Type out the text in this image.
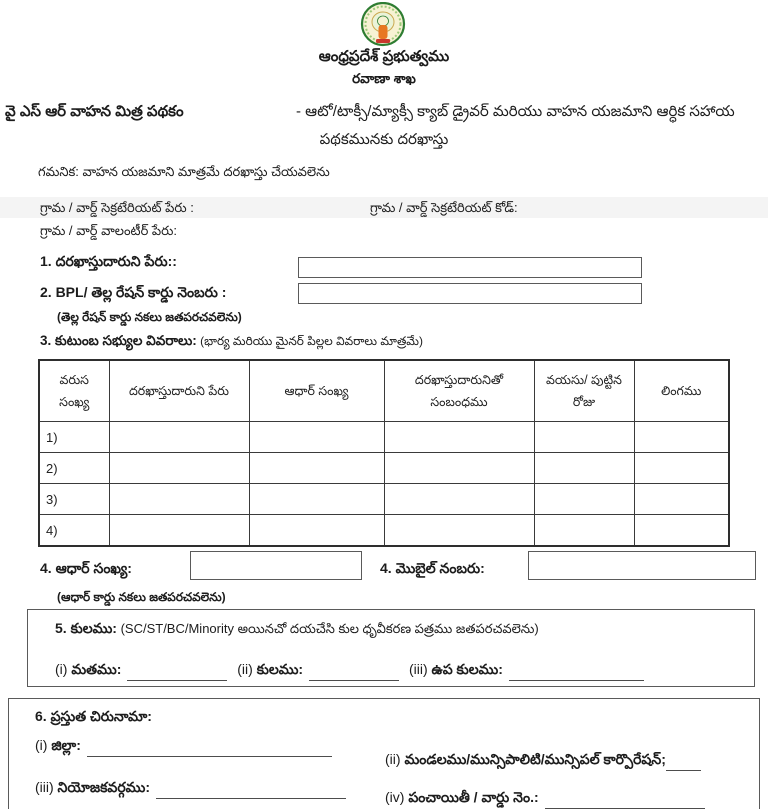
ఆంధ్రప్రదేశ్ ప్రభుత్వము
రవాణా శాఖ
వై ఎస్ ఆర్ వాహన మిత్ర పథకం	- ఆటో/టాక్సీ/మ్యాక్సీ క్యాబ్ డ్రైవర్ మరియు వాహన యజమాని ఆర్ధిక సహాయ
పథకమునకు దరఖాస్తు
గమనిక: వాహన యజమాని మాత్రమే దరఖాస్తు చేయవలెను
గ్రామ / వార్డ్ సెక్రటేరియట్ పేరు :	గ్రామ / వార్డ్ సెక్రటేరియట్ కోడ్:
గ్రామ / వార్డ్ వాలంటీర్ పేరు:
1. దరఖాస్తుదారుని పేరు::
2. BPL/ తెల్ల రేషన్ కార్డు నెంబరు :
(తెల్ల రేషన్ కార్డు నకలు జతపరచవలెను)
3. కుటుంబ సభ్యుల వివరాలు: (భార్య మరియు మైనర్ పిల్లల వివరాలు మాత్రమే)
వరుస సంఖ్య	దరఖాస్తుదారుని పేరు	ఆధార్ సంఖ్య	దరఖాస్తుదారునితో సంబంధము	వయసు/ పుట్టిన రోజు	లింగము
1)					
2)					
3)					
4)					
4. ఆధార్ సంఖ్య:	4. మొబైల్ నంబరు:
(ఆధార్ కార్డు నకలు జతపరచవలెను)
5. కులము: (SC/ST/BC/Minority అయినచో దయచేసి కుల ధృవీకరణ పత్రము జతపరచవలెను)
(i) మతము:	(ii) కులము:	(iii) ఉప కులము:
6. ప్రస్తుత చిరునామా:
(i) జిల్లా:
(ii) మండలము/మున్సిపాలిటి/మున్సిపల్ కార్పొరేషన్;
(iii) నియోజకవర్గము:
(iv) పంచాయితీ / వార్డు నెం.:
